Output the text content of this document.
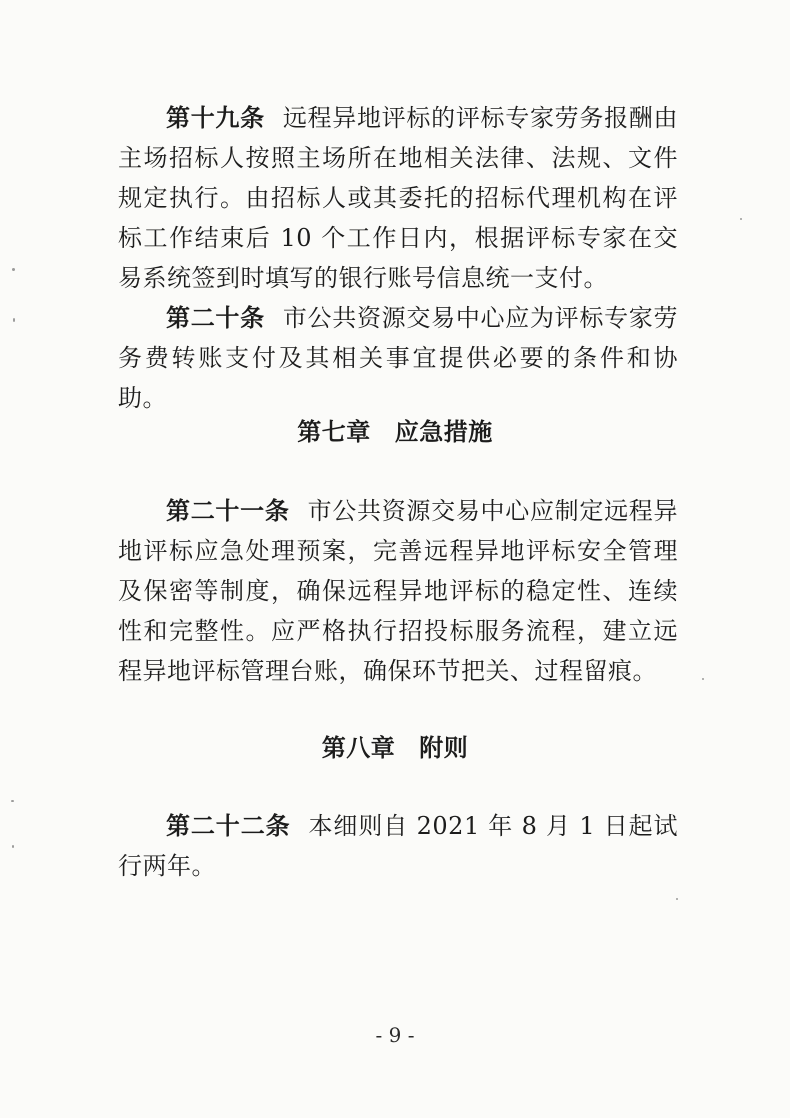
第十九条 远程异地评标的评标专家劳务报酬由主场招标人按照主场所在地相关法律、法规、文件规定执行。由招标人或其委托的招标代理机构在评标工作结束后 10 个工作日内，根据评标专家在交易系统签到时填写的银行账号信息统一支付。

第二十条 市公共资源交易中心应为评标专家劳务费转账支付及其相关事宜提供必要的条件和协助。

第七章 应急措施

第二十一条 市公共资源交易中心应制定远程异地评标应急处理预案，完善远程异地评标安全管理及保密等制度，确保远程异地评标的稳定性、连续性和完整性。应严格执行招投标服务流程，建立远程异地评标管理台账，确保环节把关、过程留痕。

第八章 附则

第二十二条 本细则自 2021 年 8 月 1 日起试行两年。

- 9 -
